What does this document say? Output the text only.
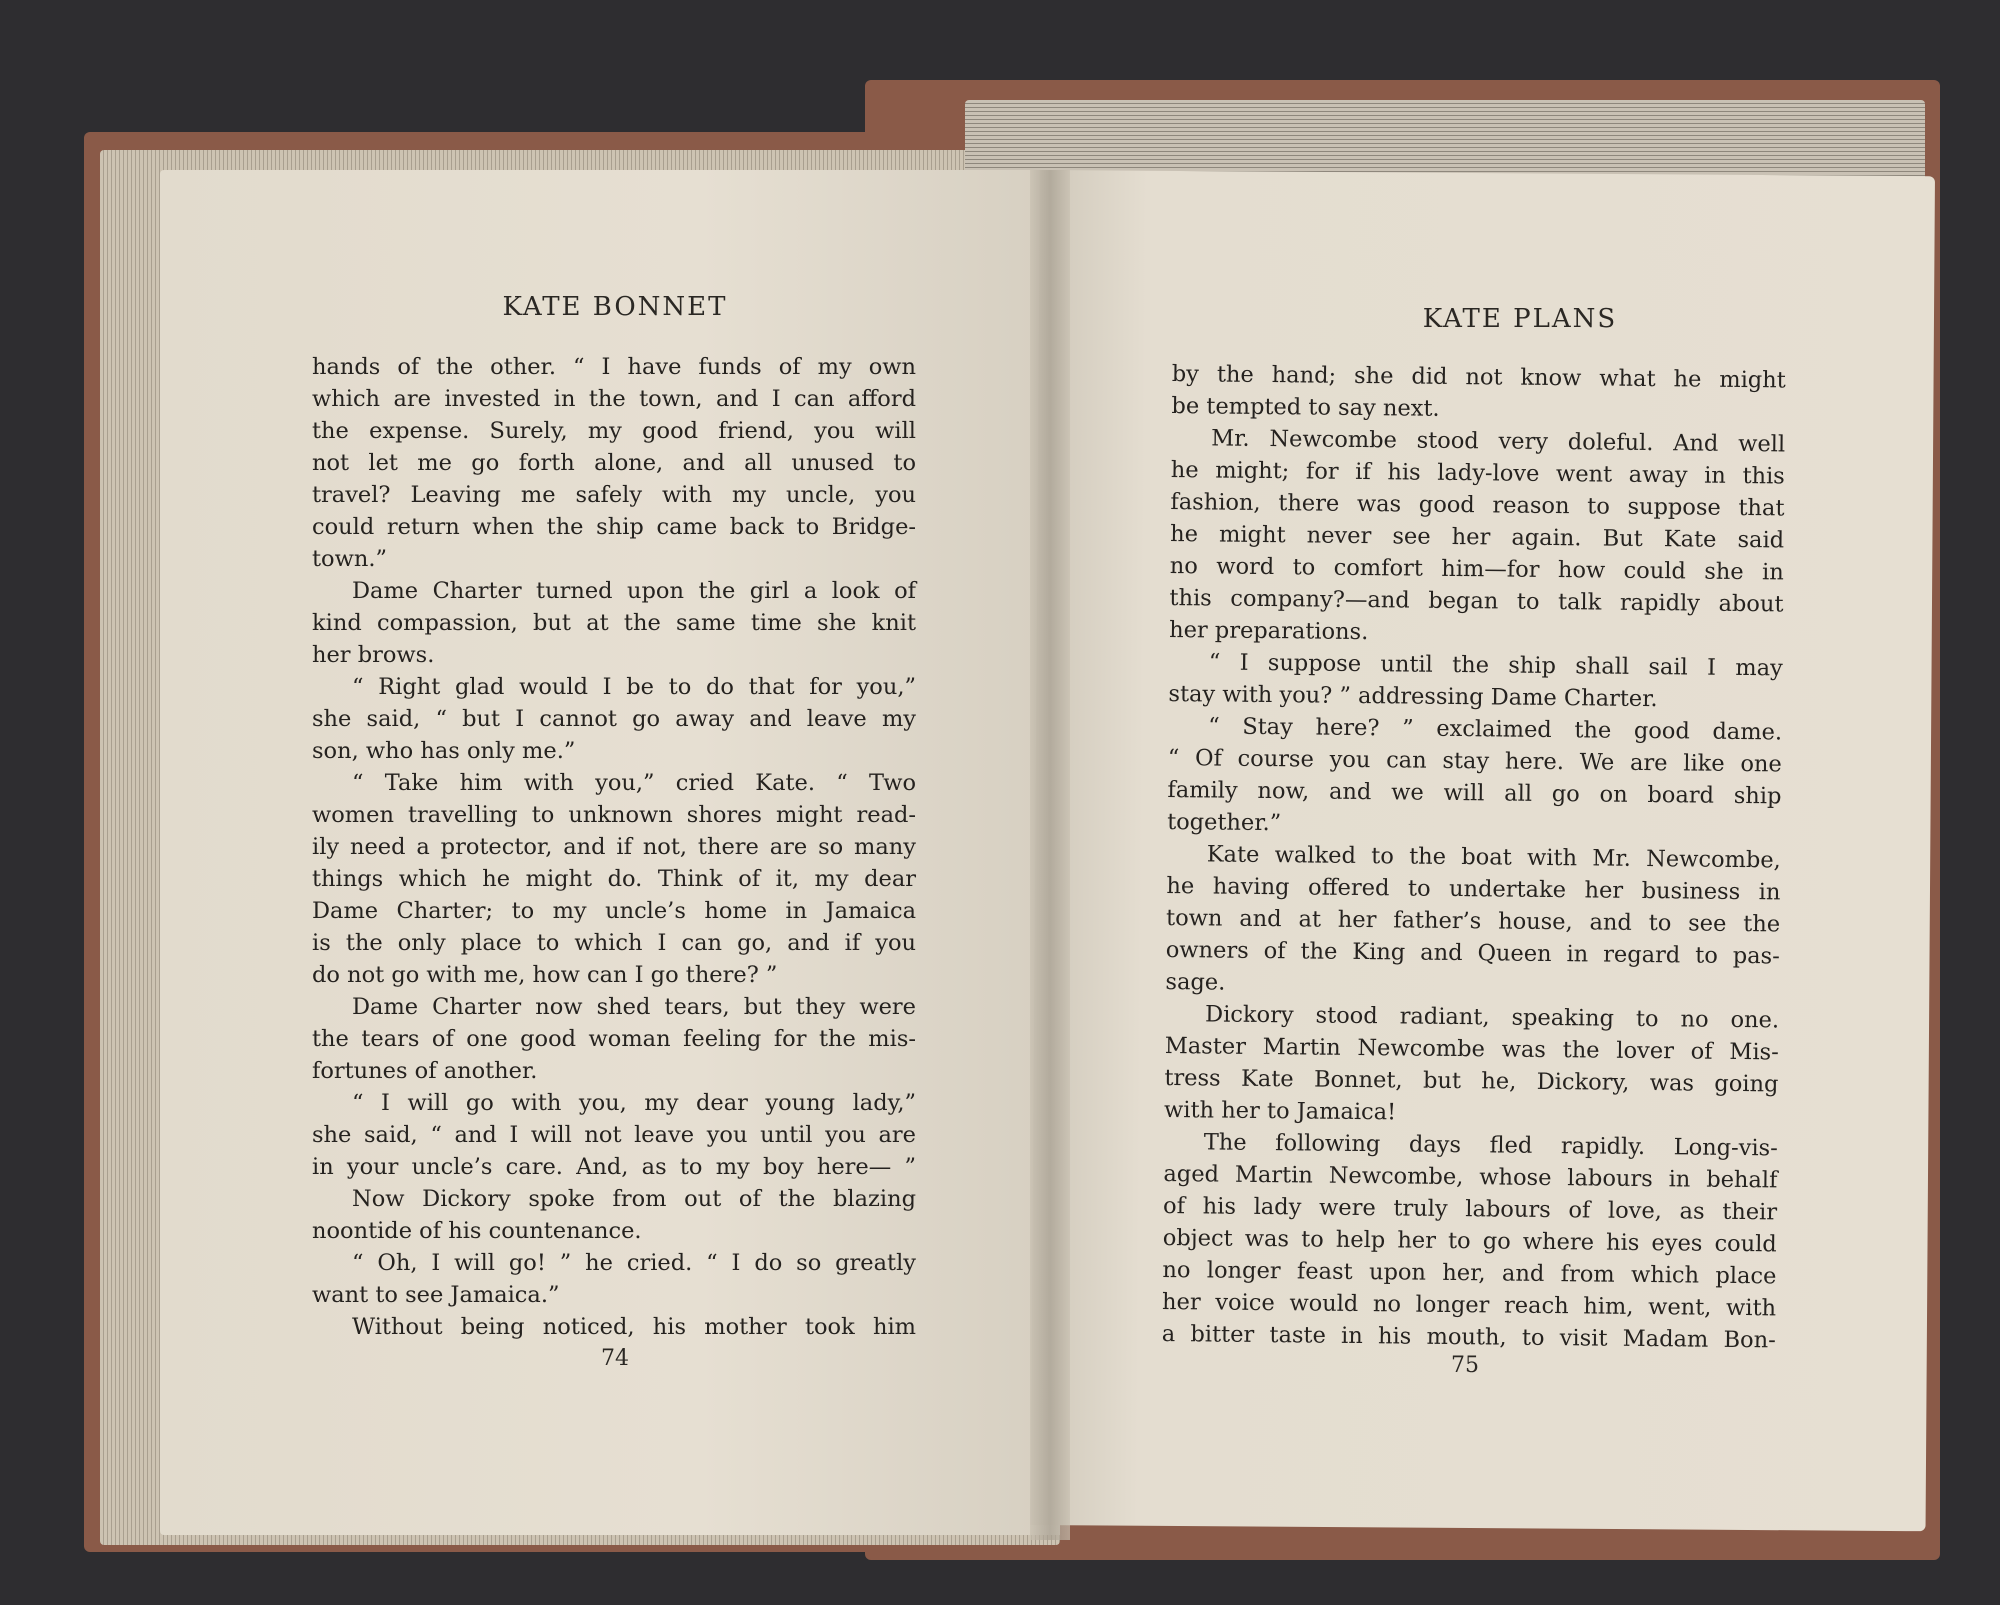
KATE BONNET
hands of the other. “ I have funds of my own
which are invested in the town, and I can afford
the expense. Surely, my good friend, you will
not let me go forth alone, and all unused to
travel? Leaving me safely with my uncle, you
could return when the ship came back to Bridge-
town.”
Dame Charter turned upon the girl a look of
kind compassion, but at the same time she knit
her brows.
“ Right glad would I be to do that for you,”
she said, “ but I cannot go away and leave my
son, who has only me.”
“ Take him with you,” cried Kate. “ Two
women travelling to unknown shores might read-
ily need a protector, and if not, there are so many
things which he might do. Think of it, my dear
Dame Charter; to my uncle’s home in Jamaica
is the only place to which I can go, and if you
do not go with me, how can I go there? ”
Dame Charter now shed tears, but they were
the tears of one good woman feeling for the mis-
fortunes of another.
“ I will go with you, my dear young lady,”
she said, “ and I will not leave you until you are
in your uncle’s care. And, as to my boy here— ”
Now Dickory spoke from out of the blazing
noontide of his countenance.
“ Oh, I will go! ” he cried. “ I do so greatly
want to see Jamaica.”
Without being noticed, his mother took him
74
KATE PLANS
by the hand; she did not know what he might
be tempted to say next.
Mr. Newcombe stood very doleful. And well
he might; for if his lady-love went away in this
fashion, there was good reason to suppose that
he might never see her again. But Kate said
no word to comfort him—for how could she in
this company?—and began to talk rapidly about
her preparations.
“ I suppose until the ship shall sail I may
stay with you? ” addressing Dame Charter.
“ Stay here? ” exclaimed the good dame.
“ Of course you can stay here. We are like one
family now, and we will all go on board ship
together.”
Kate walked to the boat with Mr. Newcombe,
he having offered to undertake her business in
town and at her father’s house, and to see the
owners of the King and Queen in regard to pas-
sage.
Dickory stood radiant, speaking to no one.
Master Martin Newcombe was the lover of Mis-
tress Kate Bonnet, but he, Dickory, was going
with her to Jamaica!
The following days fled rapidly. Long-vis-
aged Martin Newcombe, whose labours in behalf
of his lady were truly labours of love, as their
object was to help her to go where his eyes could
no longer feast upon her, and from which place
her voice would no longer reach him, went, with
a bitter taste in his mouth, to visit Madam Bon-
75
